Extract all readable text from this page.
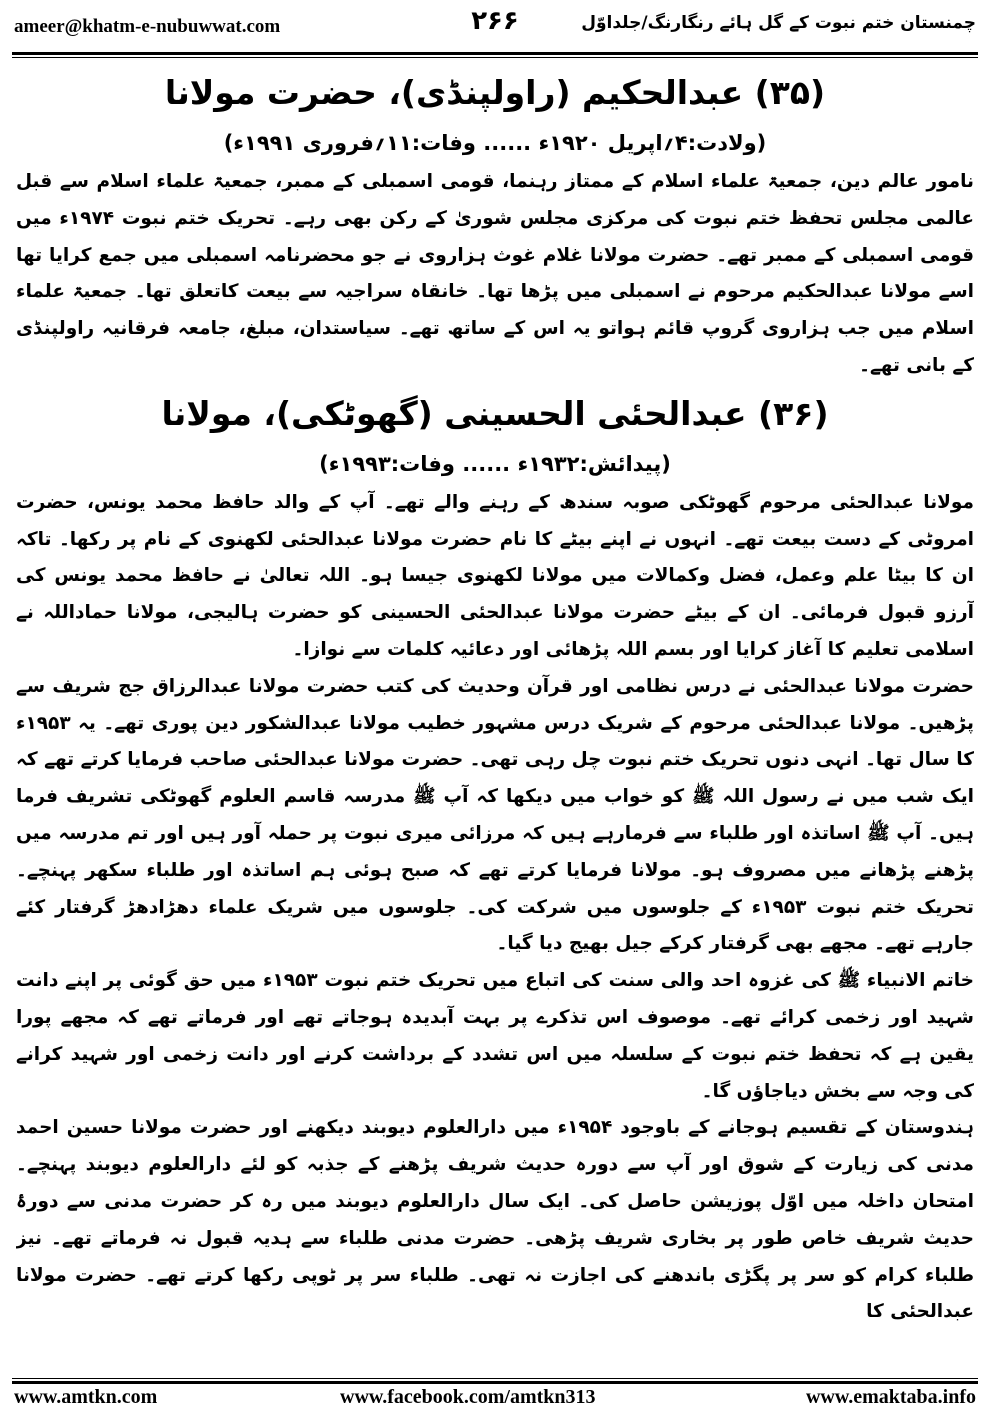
ameer@khatm-e-nubuwwat.com	۲۶۶	چمنستان ختم نبوت کے گل ہائے رنگارنگ/جلداوّل
(۳۵) عبدالحکیم (راولپنڈی)، حضرت مولانا
(ولادت:۴؍اپریل ۱۹۲۰ء ...... وفات:۱۱؍فروری ۱۹۹۱ء)

نامور عالم دین، جمعیۃ علماء اسلام کے ممتاز رہنما، قومی اسمبلی کے ممبر، جمعیۃ علماء اسلام سے قبل عالمی مجلس تحفظ ختم نبوت کی مرکزی مجلس شوریٰ کے رکن بھی رہے۔ تحریک ختم نبوت ۱۹۷۴ء میں قومی اسمبلی کے ممبر تھے۔ حضرت مولانا غلام غوث ہزاروی نے جو محضرنامہ اسمبلی میں جمع کرایا تھا اسے مولانا عبدالحکیم مرحوم نے اسمبلی میں پڑھا تھا۔ خانقاہ سراجیہ سے بیعت کاتعلق تھا۔ جمعیۃ علماء اسلام میں جب ہزاروی گروپ قائم ہواتو یہ اس کے ساتھ تھے۔ سیاستدان، مبلغ، جامعہ فرقانیہ راولپنڈی کے بانی تھے۔

(۳۶) عبدالحئی الحسینی (گھوٹکی)، مولانا
(پیدائش:۱۹۳۲ء ...... وفات:۱۹۹۳ء)

مولانا عبدالحئی مرحوم گھوٹکی صوبہ سندھ کے رہنے والے تھے۔ آپ کے والد حافظ محمد یونس، حضرت امروٹی کے دست بیعت تھے۔ انہوں نے اپنے بیٹے کا نام حضرت مولانا عبدالحئی لکھنوی کے نام پر رکھا۔ تاکہ ان کا بیٹا علم وعمل، فضل وکمالات میں مولانا لکھنوی جیسا ہو۔ اللہ تعالیٰ نے حافظ محمد یونس کی آرزو قبول فرمائی۔ ان کے بیٹے حضرت مولانا عبدالحئی الحسینی کو حضرت ہالیجی، مولانا حماداللہ نے اسلامی تعلیم کا آغاز کرایا اور بسم اللہ پڑھائی اور دعائیہ کلمات سے نوازا۔

حضرت مولانا عبدالحئی نے درس نظامی اور قرآن وحدیث کی کتب حضرت مولانا عبدالرزاق جج شریف سے پڑھیں۔ مولانا عبدالحئی مرحوم کے شریک درس مشہور خطیب مولانا عبدالشکور دین پوری تھے۔ یہ ۱۹۵۳ء کا سال تھا۔ انہی دنوں تحریک ختم نبوت چل رہی تھی۔ حضرت مولانا عبدالحئی صاحب فرمایا کرتے تھے کہ ایک شب میں نے رسول اللہ ﷺ کو خواب میں دیکھا کہ آپ ﷺ مدرسہ قاسم العلوم گھوٹکی تشریف فرما ہیں۔ آپ ﷺ اساتذہ اور طلباء سے فرمارہے ہیں کہ مرزائی میری نبوت پر حملہ آور ہیں اور تم مدرسہ میں پڑھنے پڑھانے میں مصروف ہو۔ مولانا فرمایا کرتے تھے کہ صبح ہوئی ہم اساتذہ اور طلباء سکھر پہنچے۔ تحریک ختم نبوت ۱۹۵۳ء کے جلوسوں میں شرکت کی۔ جلوسوں میں شریک علماء دھڑادھڑ گرفتار کئے جارہے تھے۔ مجھے بھی گرفتار کرکے جیل بھیج دیا گیا۔

خاتم الانبیاء ﷺ کی غزوہ احد والی سنت کی اتباع میں تحریک ختم نبوت ۱۹۵۳ء میں حق گوئی پر اپنے دانت شہید اور زخمی کرائے تھے۔ موصوف اس تذکرے پر بہت آبدیدہ ہوجاتے تھے اور فرماتے تھے کہ مجھے پورا یقین ہے کہ تحفظ ختم نبوت کے سلسلہ میں اس تشدد کے برداشت کرنے اور دانت زخمی اور شہید کرانے کی وجہ سے بخش دیاجاؤں گا۔

ہندوستان کے تقسیم ہوجانے کے باوجود ۱۹۵۴ء میں دارالعلوم دیوبند دیکھنے اور حضرت مولانا حسین احمد مدنی کی زیارت کے شوق اور آپ سے دورہ حدیث شریف پڑھنے کے جذبہ کو لئے دارالعلوم دیوبند پہنچے۔ امتحان داخلہ میں اوّل پوزیشن حاصل کی۔ ایک سال دارالعلوم دیوبند میں رہ کر حضرت مدنی سے دورۂ حدیث شریف خاص طور پر بخاری شریف پڑھی۔ حضرت مدنی طلباء سے ہدیہ قبول نہ فرماتے تھے۔ نیز طلباء کرام کو سر پر پگڑی باندھنے کی اجازت نہ تھی۔ طلباء سر پر ٹوپی رکھا کرتے تھے۔ حضرت مولانا عبدالحئی کا

www.amtkn.com	www.facebook.com/amtkn313	www.emaktaba.info
